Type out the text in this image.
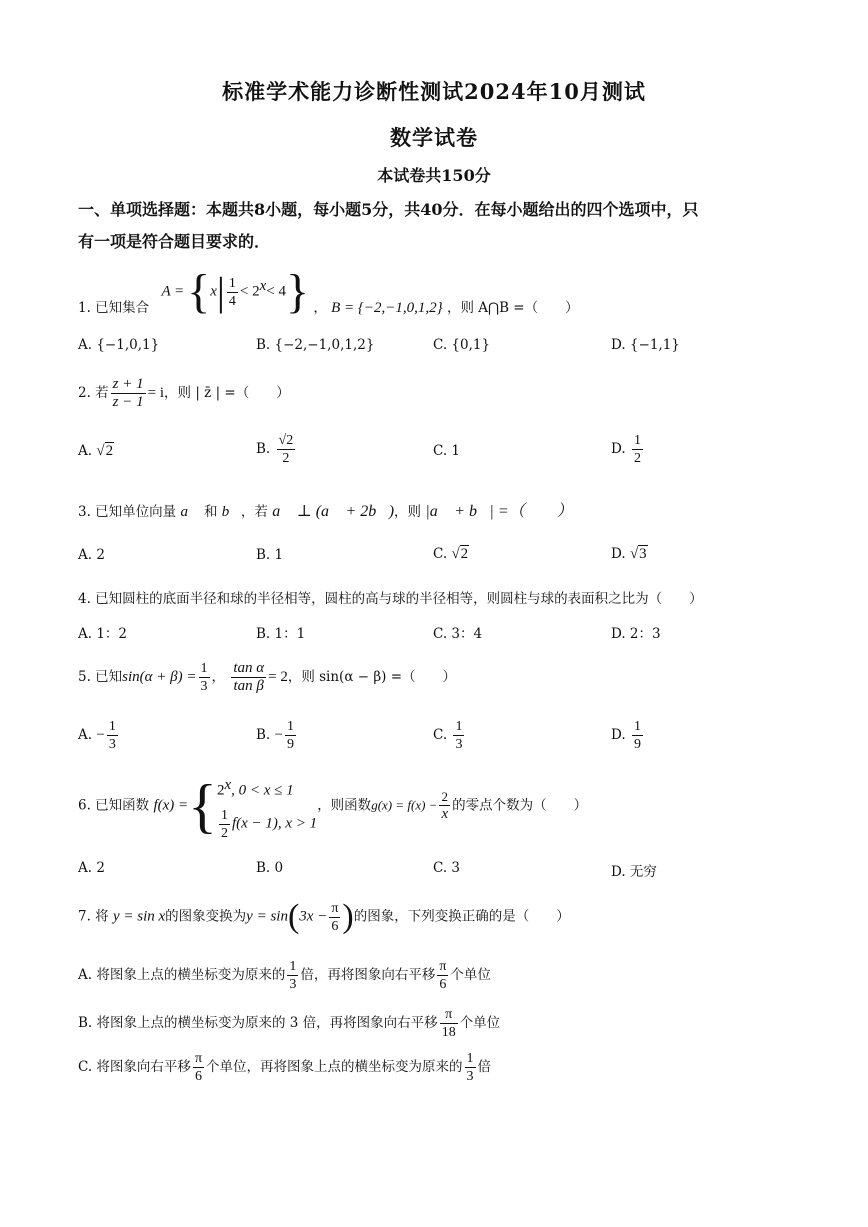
标准学术能力诊断性测试2024年10月测试
数学试卷
本试卷共150分
一、单项选择题：本题共8小题，每小题5分，共40分．在每小题给出的四个选项中，只
有一项是符合题目要求的．
1. 已知集合 $A = \{x| \frac{1}{4} < 2^x< 4\}$ ， B = {−2,−1,0,1,2} ，则 A⋂B =（　　）
A. {−1,0,1}	B. {−2,−1,0,1,2}	C. {0,1}	D. {−1,1}
2. 若 $\frac{z + 1}{z - 1} = i$，则 | z̄ | =（　　）
A. √2	B. $\frac{√2}{2}$	C. 1	D. $\frac{1}{2}$
3. 已知单位向量 a⃗ 和 b⃗，若 a⃗ ⊥ (a⃗ + 2b⃗)，则 |a⃗ + b⃗| =（　　）
A. 2	B. 1	C. √2	D. √3
4. 已知圆柱的底面半径和球的半径相等，圆柱的高与球的半径相等，则圆柱与球的表面积之比为（　　）
A. 1：2	B. 1：1	C. 3：4	D. 2：3
5. 已知$\sin(\alpha + \beta) = \frac{1}{3}$ ， $\frac{\text{tan α}}{\text{tan β}} = 2$，则 sin(α − β) =（　　）
A. − $\frac{1}{3}$	B. − $\frac{1}{9}$	C. $\frac{1}{3}$	D. $\frac{1}{9}$
6. 已知函数 f(x) ={ 2$^x$, 0 < x ≤ 1
$\frac{1}{2} f(x - 1)$, x > 1
，则函数$g(x) = f(x) - \frac{2}{x}$ 的零点个数为（　　）
A. 2	B. 0	C. 3	D. 无穷
7. 将 y = sin x的图象变换为$y = \sin(3x - \frac{\pi}{6}$ )的图象，下列变换正确的是（　　）
A. 将图象上点的横坐标变为原来的 $\frac{1}{3}$ 倍，再将图象向右平移 $\frac{\pi}{6}$ 个单位
B. 将图象上点的横坐标变为原来的 3 倍，再将图象向右平移 $\frac{\pi}{18}$ 个单位
C. 将图象向右平移 $\frac{\pi}{6}$ 个单位，再将图象上点的横坐标变为原来的 $\frac{1}{3}$ 倍
